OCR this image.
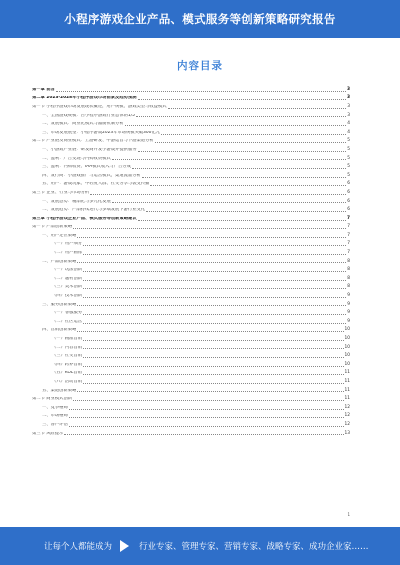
小程序游戏企业产品、模式服务等创新策略研究报告
内容目录
第一章 前言	3
第二章 2023-2028年小程序游戏市场前景及趋势预测	3
第一节 小程序游戏市场发展现状概述，用户规模、游戏类型与收益模式	3
一、全国游戏规模：占小程序游戏行业总体的1/5	3
二、发展模式：商业化模式与激励机制分析	4
三、市场发展展望：小程序游戏2023年市场规模突破300亿元	4
第二节 产业链及商业模式：上游研发、中游运营与下游渠道分析	5
一、小游戏产业链：研发商开发小游戏并提供服务	5
二、盈利：广告变现与内购收费模式	5
三、盈利：内购收费、IAA模式收入与广告分成	5
四、发行商：小游戏推广与运营模式，渠道流量分析	5
五、用户：游戏玩家、中轻度人群、社交分享与裂变传播	6
第三节 企业、行业与市场分析	6
一、发展态势：精品化与多元化发展	6
二、发展趋势：产品持续迭代与多端发展下游行业变化	6
第三章 小程序游戏企业产品、模式服务等创新策略建议	7
第一节 产品创新策略	7
一、用户定位策略	7
（一）用户细分	7
（二）用户画像	7
二、产品创新策略	8
（一）玩法创新	8
（二）题材创新	8
（三）美术创新	8
（四）技术创新	9
三、服务创新策略	9
（一）客服服务	9
（二）社区运营	9
四、营销创新策略	10
（一）精准营销	10
（二）内容营销	10
（三）社交营销	10
（四）跨界营销	10
（五）KOL营销	11
（六）活动营销	11
五、渠道创新策略	11
第二节 商业模式创新	11
一、竞争格局	12
二、市场格局	12
三、客户评估	12
第三节 风险提示	13
1
让每个人都能成为	行业专家、管理专家、营销专家、战略专家、成功企业家……
